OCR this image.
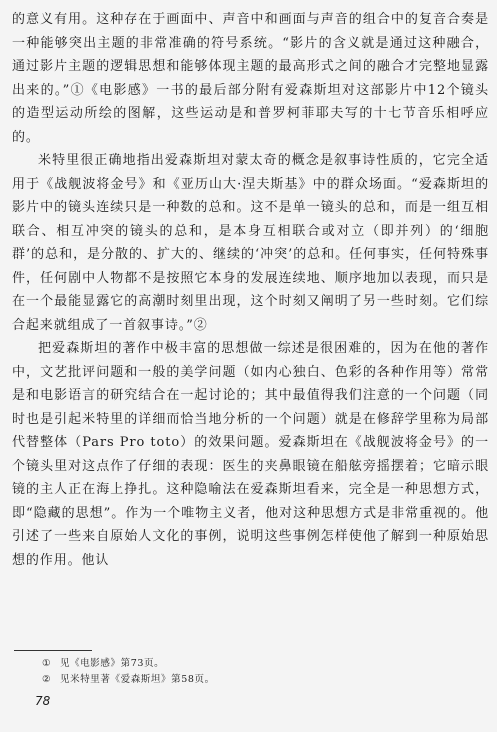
的意义有用。这种存在于画面中、声音中和画面与声音的组合中的复音合奏是一种能够突出主题的非常准确的符号系统。“影片的含义就是通过这种融合，通过影片主题的逻辑思想和能够体现主题的最高形式之间的融合才完整地显露出来的。”①《电影感》一书的最后部分附有爱森斯坦对这部影片中12个镜头的造型运动所绘的图解，这些运动是和普罗柯菲耶夫写的十七节音乐相呼应的。

米特里很正确地指出爱森斯坦对蒙太奇的概念是叙事诗性质的，它完全适用于《战舰波将金号》和《亚历山大·涅夫斯基》中的群众场面。“爱森斯坦的影片中的镜头连续只是一种数的总和。这不是单一镜头的总和，而是一组互相联合、相互冲突的镜头的总和，是本身互相联合或对立（即并列）的‘细胞群’的总和，是分散的、扩大的、继续的‘冲突’的总和。任何事实，任何特殊事件，任何剧中人物都不是按照它本身的发展连续地、顺序地加以表现，而只是在一个最能显露它的高潮时刻里出现，这个时刻又阐明了另一些时刻。它们综合起来就组成了一首叙事诗。”②

把爱森斯坦的著作中极丰富的思想做一综述是很困难的，因为在他的著作中，文艺批评问题和一般的美学问题（如内心独白、色彩的各种作用等）常常是和电影语言的研究结合在一起讨论的；其中最值得我们注意的一个问题（同时也是引起米特里的详细而恰当地分析的一个问题）就是在修辞学里称为局部代替整体（Pars Pro toto）的效果问题。爱森斯坦在《战舰波将金号》的一个镜头里对这点作了仔细的表现：医生的夹鼻眼镜在船舷旁摇摆着；它暗示眼镜的主人正在海上挣扎。这种隐喻法在爱森斯坦看来，完全是一种思想方式，即“隐藏的思想”。作为一个唯物主义者，他对这种思想方式是非常重视的。他引述了一些来自原始人文化的事例，说明这些事例怎样使他了解到一种原始思想的作用。他认

① 见《电影感》第73页。
② 见米特里著《爱森斯坦》第58页。
78
